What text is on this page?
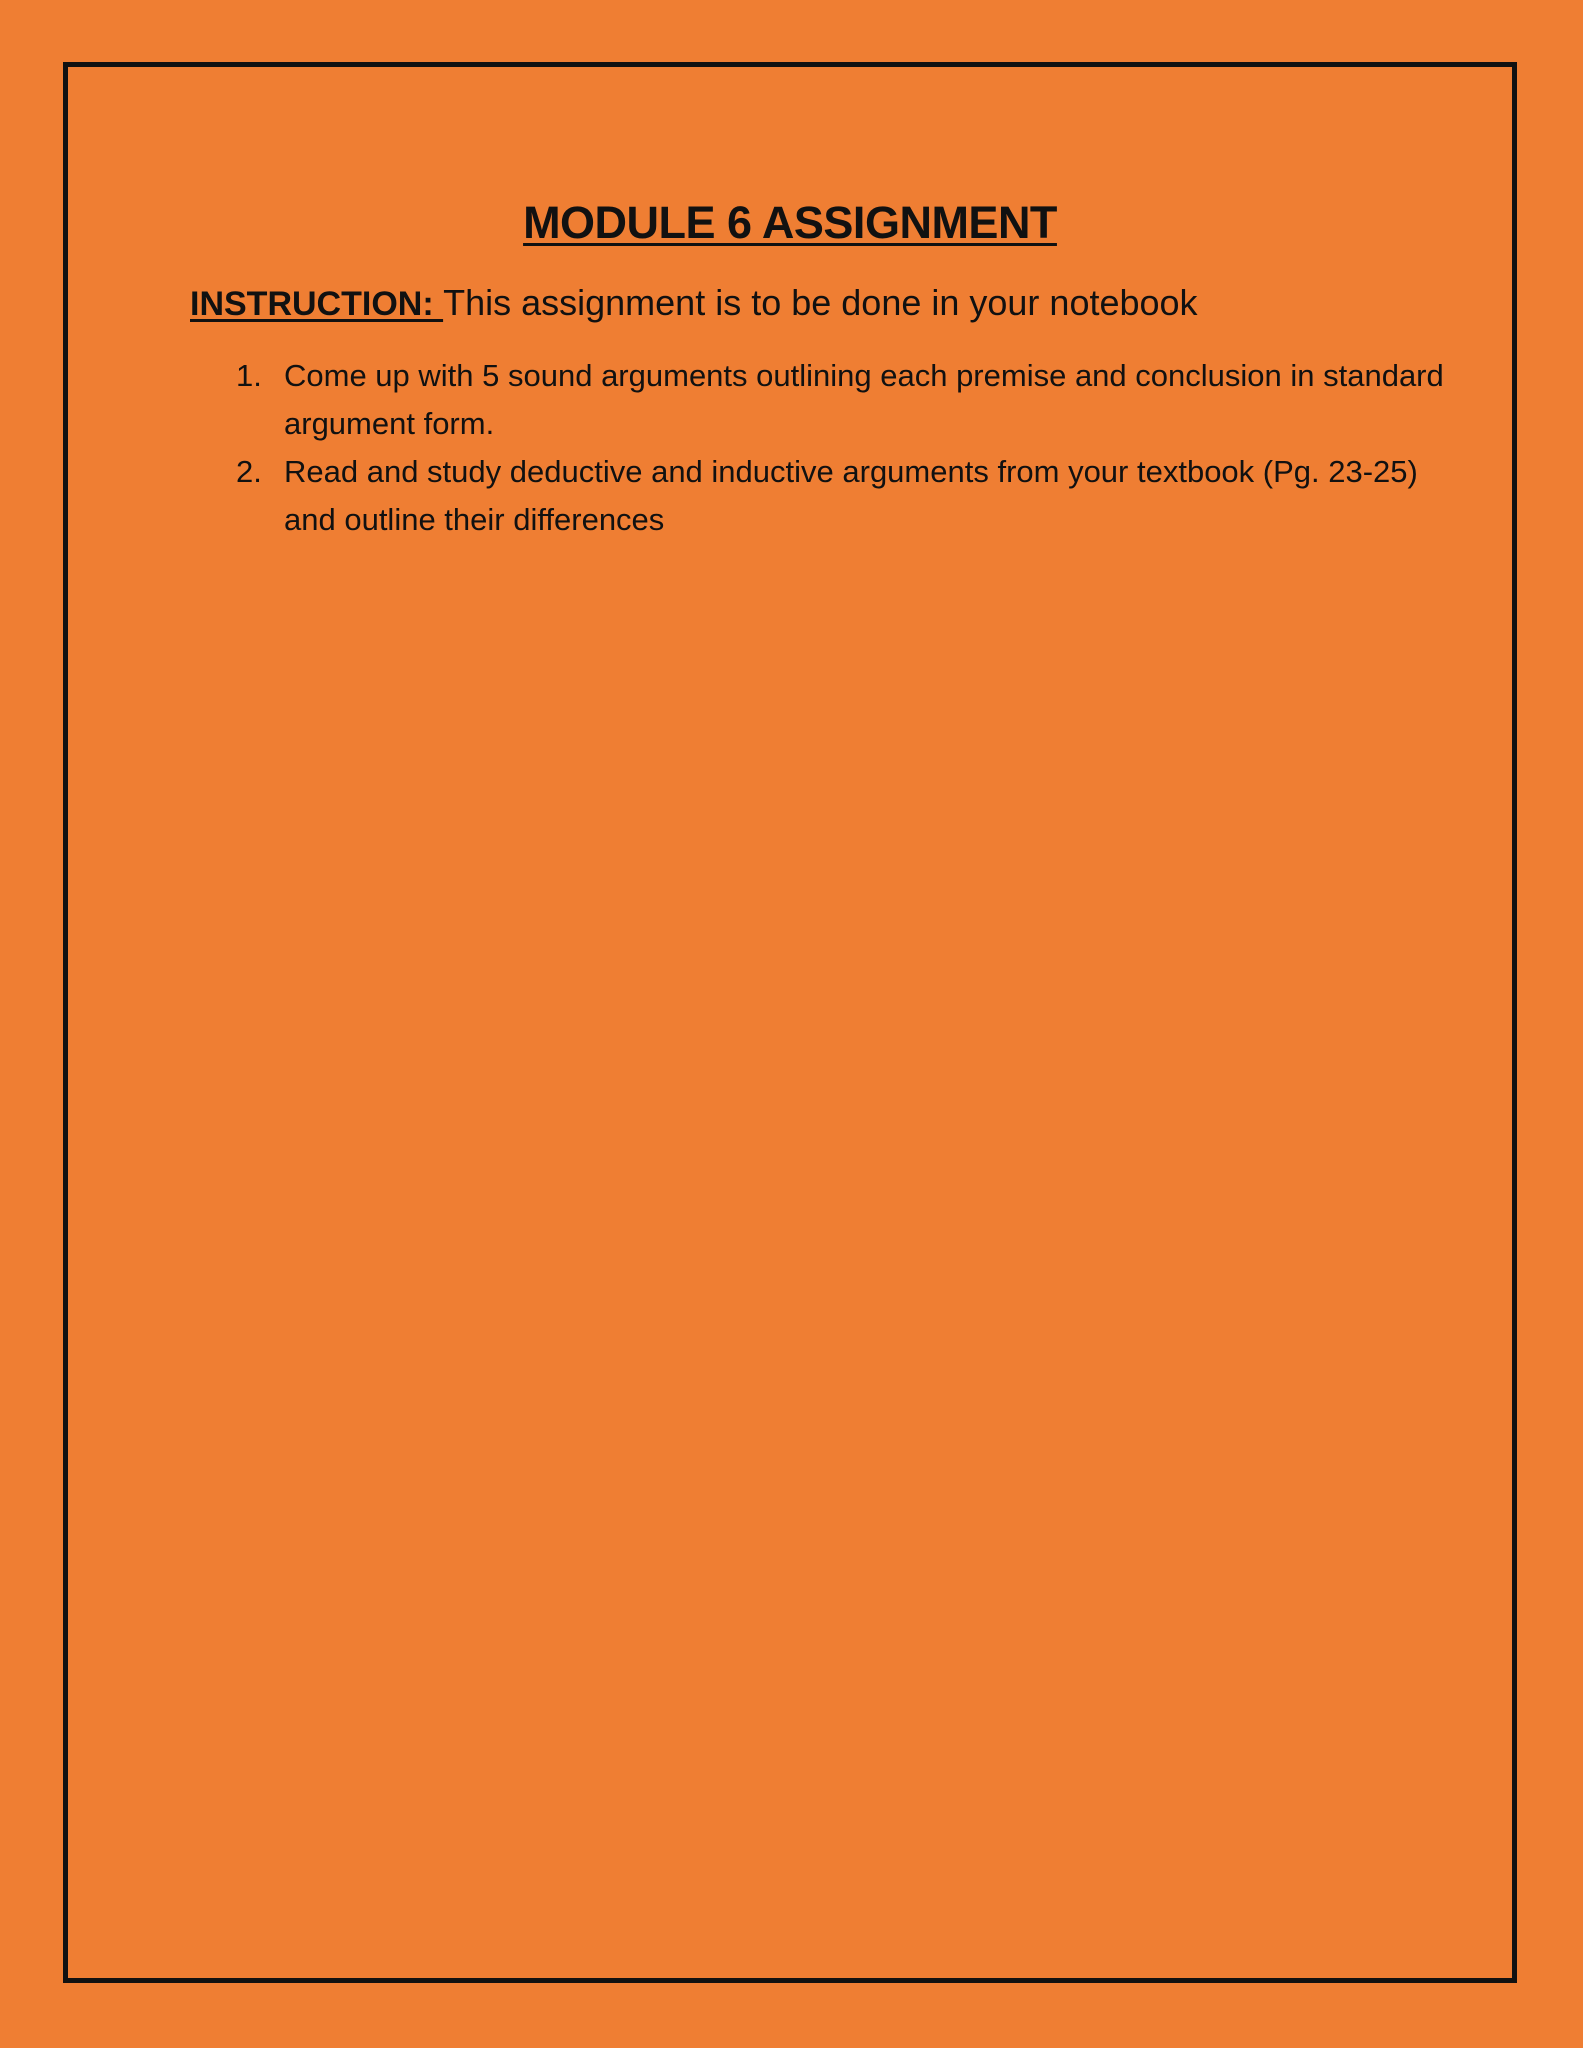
MODULE 6 ASSIGNMENT

INSTRUCTION: This assignment is to be done in your notebook

1. Come up with 5 sound arguments outlining each premise and conclusion in standard argument form.
2. Read and study deductive and inductive arguments from your textbook (Pg. 23-25) and outline their differences
